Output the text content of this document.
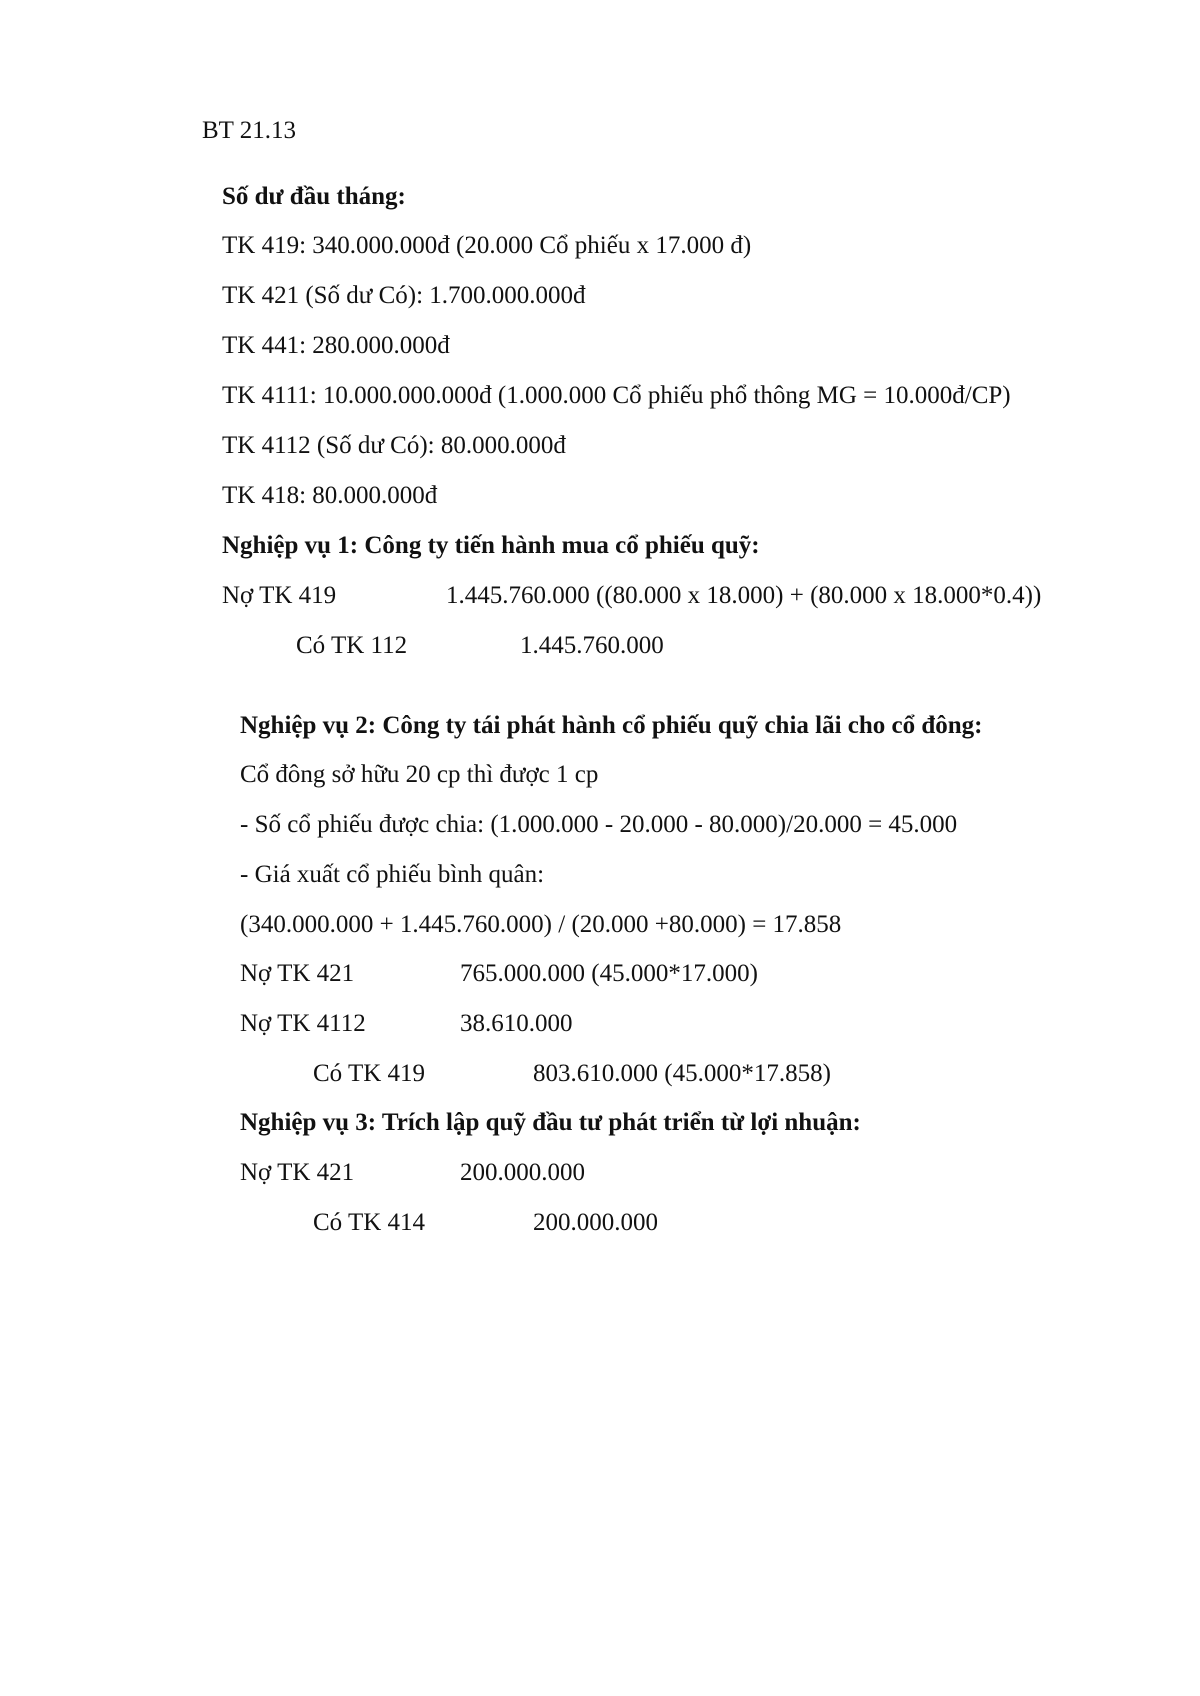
BT 21.13
Số dư đầu tháng:
TK 419: 340.000.000đ (20.000 Cổ phiếu x 17.000 đ)
TK 421 (Số dư Có): 1.700.000.000đ
TK 441: 280.000.000đ
TK 4111: 10.000.000.000đ (1.000.000 Cổ phiếu phổ thông MG = 10.000đ/CP)
TK 4112 (Số dư Có): 80.000.000đ
TK 418: 80.000.000đ
Nghiệp vụ 1: Công ty tiến hành mua cổ phiếu quỹ:
Nợ TK 419	1.445.760.000 ((80.000 x 18.000) + (80.000 x 18.000*0.4))
Có TK 112	1.445.760.000
Nghiệp vụ 2: Công ty tái phát hành cổ phiếu quỹ chia lãi cho cổ đông:
Cổ đông sở hữu 20 cp thì được 1 cp
- Số cổ phiếu được chia: (1.000.000 - 20.000 - 80.000)/20.000 = 45.000
- Giá xuất cổ phiếu bình quân:
(340.000.000 + 1.445.760.000) / (20.000 +80.000) = 17.858
Nợ TK 421	765.000.000 (45.000*17.000)
Nợ TK 4112	38.610.000
Có TK 419	803.610.000 (45.000*17.858)
Nghiệp vụ 3: Trích lập quỹ đầu tư phát triển từ lợi nhuận:
Nợ TK 421	200.000.000
Có TK 414	200.000.000
